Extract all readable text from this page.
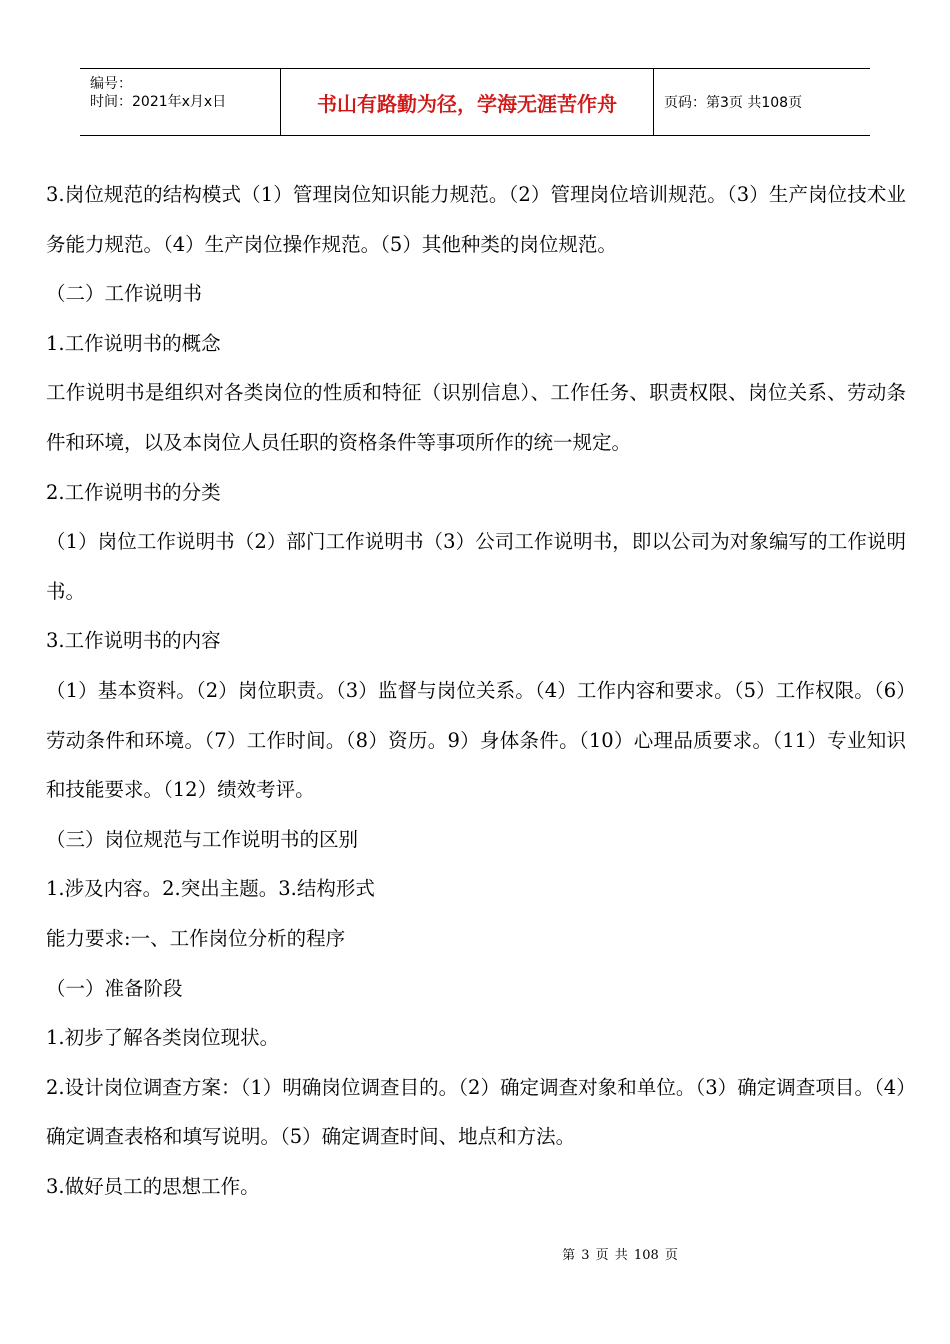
编号：
时间：2021年x月x日	书山有路勤为径，学海无涯苦作舟	页码：第3页 共108页

3.岗位规范的结构模式（1）管理岗位知识能力规范。（2）管理岗位培训规范。（3）生产岗位技术业务能力规范。（4）生产岗位操作规范。（5）其他种类的岗位规范。

（二）工作说明书

1.工作说明书的概念

工作说明书是组织对各类岗位的性质和特征（识别信息）、工作任务、职责权限、岗位关系、劳动条件和环境，以及本岗位人员任职的资格条件等事项所作的统一规定。

2.工作说明书的分类

（1）岗位工作说明书（2）部门工作说明书（3）公司工作说明书，即以公司为对象编写的工作说明书。

3.工作说明书的内容

（1）基本资料。（2）岗位职责。（3）监督与岗位关系。（4）工作内容和要求。（5）工作权限。（6）劳动条件和环境。（7）工作时间。（8）资历。9）身体条件。（10）心理品质要求。（11）专业知识和技能要求。（12）绩效考评。

（三）岗位规范与工作说明书的区别

1.涉及内容。2.突出主题。3.结构形式

能力要求:一、工作岗位分析的程序

（一）准备阶段

1.初步了解各类岗位现状。

2.设计岗位调查方案：（1）明确岗位调查目的。（2）确定调查对象和单位。（3）确定调查项目。（4）确定调查表格和填写说明。（5）确定调查时间、地点和方法。

3.做好员工的思想工作。

第 3 页 共 108 页
